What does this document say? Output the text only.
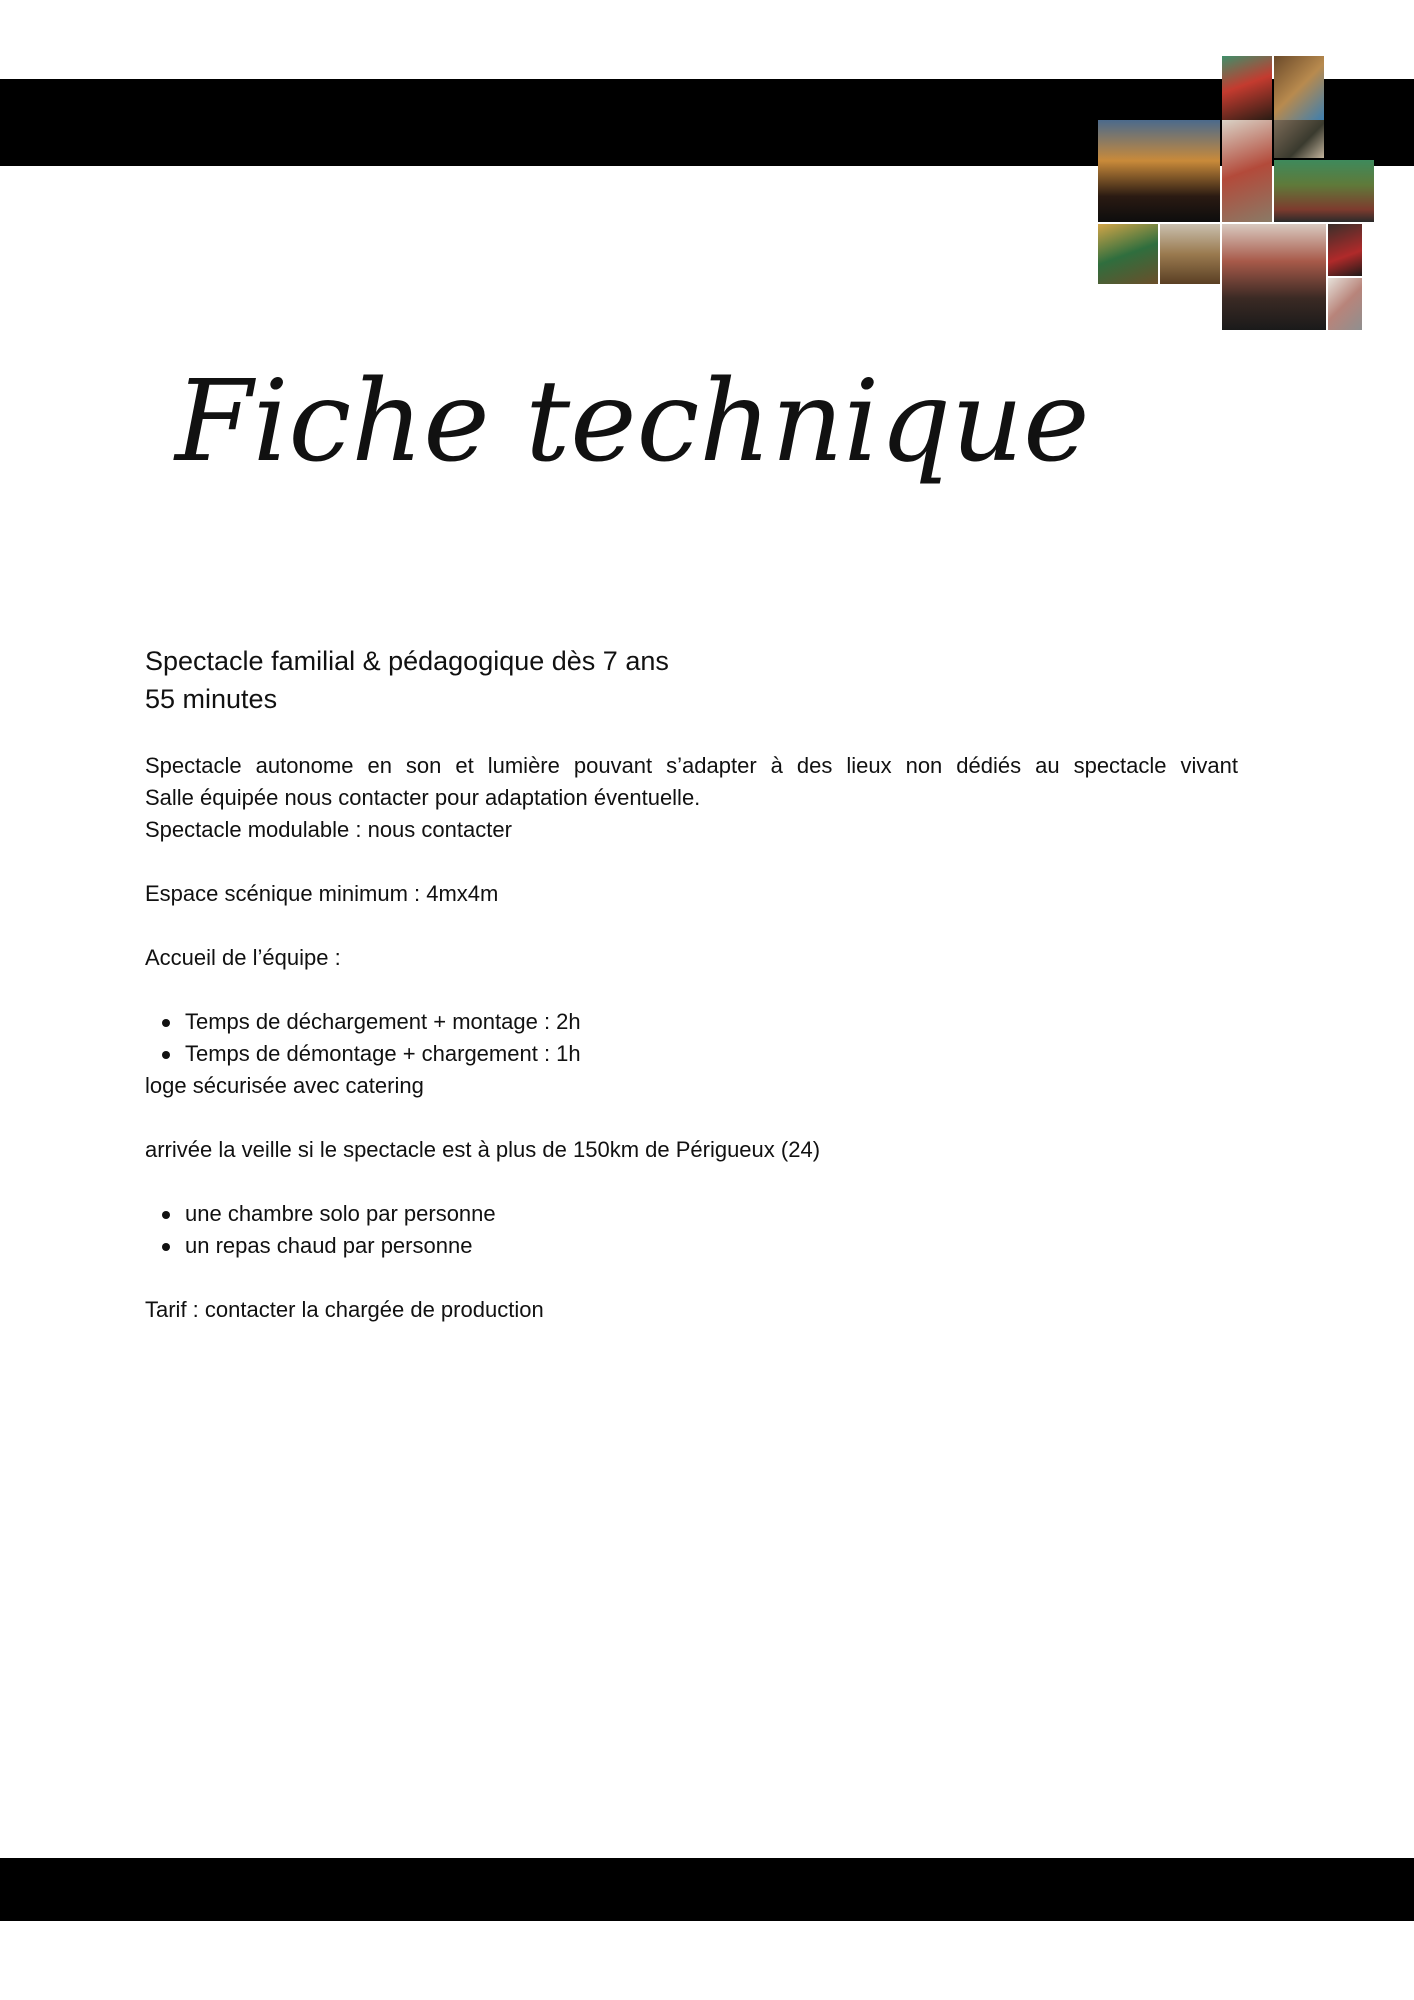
Fiche technique

Spectacle familial & pédagogique dès 7 ans

55 minutes

Spectacle autonome en son et lumière pouvant s’adapter à des lieux non dédiés au spectacle vivant

Salle équipée nous contacter pour adaptation éventuelle.

Spectacle modulable : nous contacter

Espace scénique minimum : 4mx4m

Accueil de l’équipe :

Temps de déchargement + montage : 2h
Temps de démontage + chargement : 1h

loge sécurisée avec catering

arrivée la veille si le spectacle est à plus de 150km de Périgueux (24)

une chambre solo par personne
un repas chaud par personne

Tarif : contacter la chargée de production
